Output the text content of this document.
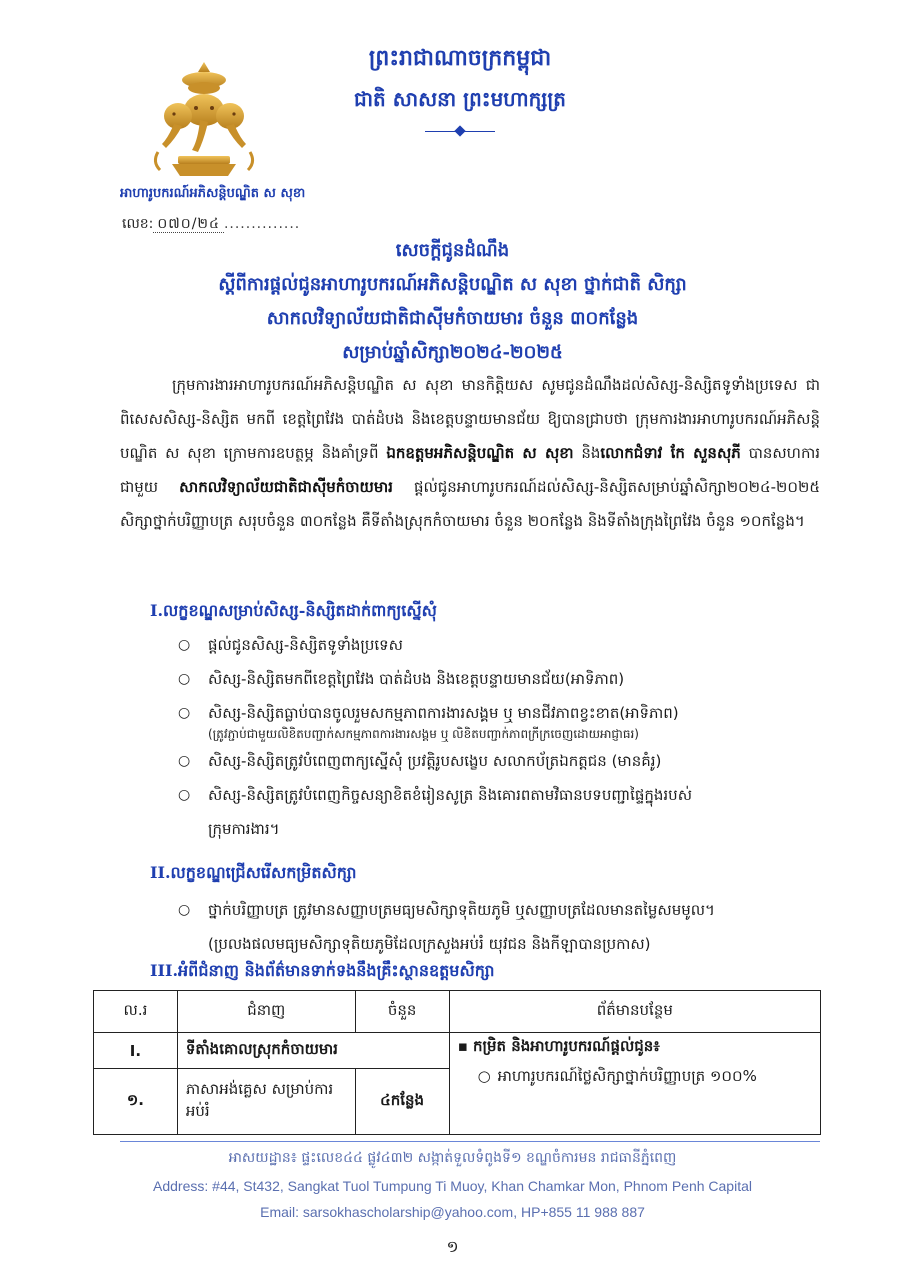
អាហារូបករណ៍អភិសន្តិបណ្ឌិត ស សុខា
លេខ: ០៧០/២៤ ..............
ព្រះរាជាណាចក្រកម្ពុជា
ជាតិ សាសនា ព្រះមហាក្សត្រ
សេចក្តីជូនដំណឹង
ស្តីពីការផ្តល់ជូនអាហារូបករណ៍អភិសន្តិបណ្ឌិត ស សុខា ថ្នាក់ជាតិ សិក្សា
សាកលវិទ្យាល័យជាតិជាស៊ីមកំចាយមារ ចំនួន ៣០កន្លែង
សម្រាប់ឆ្នាំសិក្សា២០២៤-២០២៥

ក្រុមការងារអាហារូបករណ៍អភិសន្តិបណ្ឌិត ស សុខា មានកិត្តិយស សូមជូនដំណឹងដល់សិស្ស-និស្សិតទូទាំងប្រទេស ជាពិសេសសិស្ស-និស្សិត មកពី ខេត្តព្រៃវែង បាត់ដំបង និងខេត្តបន្ទាយមានជ័យ ឱ្យបានជ្រាបថា ក្រុមការងារអាហារូបករណ៍អភិសន្តិបណ្ឌិត ស សុខា ក្រោមការឧបត្ថម្ភ និងគាំទ្រពី ឯកឧត្តមអភិសន្តិបណ្ឌិត ស សុខា និងលោកជំទាវ កែ សួនសុភី បានសហការជាមួយ សាកលវិទ្យាល័យជាតិជាស៊ីមកំចាយមារ ផ្តល់ជូនអាហារូបករណ៍ដល់សិស្ស-និស្សិតសម្រាប់ឆ្នាំសិក្សា២០២៤-២០២៥ សិក្សាថ្នាក់បរិញ្ញាបត្រ សរុបចំនួន ៣០កន្លែង គឺទីតាំងស្រុកកំចាយមារ ចំនួន ២០កន្លែង និងទីតាំងក្រុងព្រៃវែង ចំនួន ១០កន្លែង។

I.លក្ខខណ្ឌសម្រាប់សិស្ស-និស្សិតដាក់ពាក្យស្នើសុំ
○ ផ្តល់ជូនសិស្ស-និស្សិតទូទាំងប្រទេស
○ សិស្ស-និស្សិតមកពីខេត្តព្រៃវែង បាត់ដំបង និងខេត្តបន្ទាយមានជ័យ(អាទិភាព)
○ សិស្ស-និស្សិតធ្លាប់បានចូលរួមសកម្មភាពការងារសង្គម ឬ មានជីវភាពខ្វះខាត(អាទិភាព)
(ត្រូវភ្ជាប់ជាមួយលិខិតបញ្ជាក់សកម្មភាពការងារសង្គម ឬ លិខិតបញ្ជាក់ភាពក្រីក្រចេញដោយអាជ្ញាធរ)
○ សិស្ស-និស្សិតត្រូវបំពេញពាក្យស្នើសុំ ប្រវត្តិរូបសង្ខេប សលាកប័ត្រឯកត្តជន (មានគំរូ)
○ សិស្ស-និស្សិតត្រូវបំពេញកិច្ចសន្យាខិតខំរៀនសូត្រ និងគោរពតាមវិធានបទបញ្ជាផ្ទៃក្នុងរបស់
ក្រុមការងារ។
II.លក្ខខណ្ឌជ្រើសរើសកម្រិតសិក្សា
○ ថ្នាក់បរិញ្ញាបត្រ ត្រូវមានសញ្ញាបត្រមធ្យមសិក្សាទុតិយភូមិ ឬសញ្ញាបត្រដែលមានតម្លៃសមមូល។
(ប្រលងផលមធ្យមសិក្សាទុតិយភូមិដែលក្រសួងអប់រំ យុវជន និងកីឡាបានប្រកាស)
III.អំពីជំនាញ និងព័ត៌មានទាក់ទងនឹងគ្រឹះស្ថានឧត្តមសិក្សា
ល.រ	ជំនាញ	ចំនួន	ព័ត៌មានបន្ថែម
I.	ទីតាំងគោលស្រុកកំចាយមារ		▪ កម្រិត និងអាហារូបករណ៍ផ្តល់ជូន៖
○ អាហារូបករណ៍ថ្លៃសិក្សាថ្នាក់បរិញ្ញាបត្រ ១០០%

១.	ភាសាអង់គ្លេស សម្រាប់ការអប់រំ	៤កន្លែង	
អាសយដ្ឋាន៖ ផ្ទះលេខ៤៤ ផ្លូវ៤៣២ សង្កាត់ទួលទំពូងទី១ ខណ្ឌចំការមន រាជធានីភ្នំពេញ
Address: #44, St432, Sangkat Tuol Tumpung Ti Muoy, Khan Chamkar Mon, Phnom Penh Capital
Email: sarsokhascholarship@yahoo.com, HP+855 11 988 887
១
